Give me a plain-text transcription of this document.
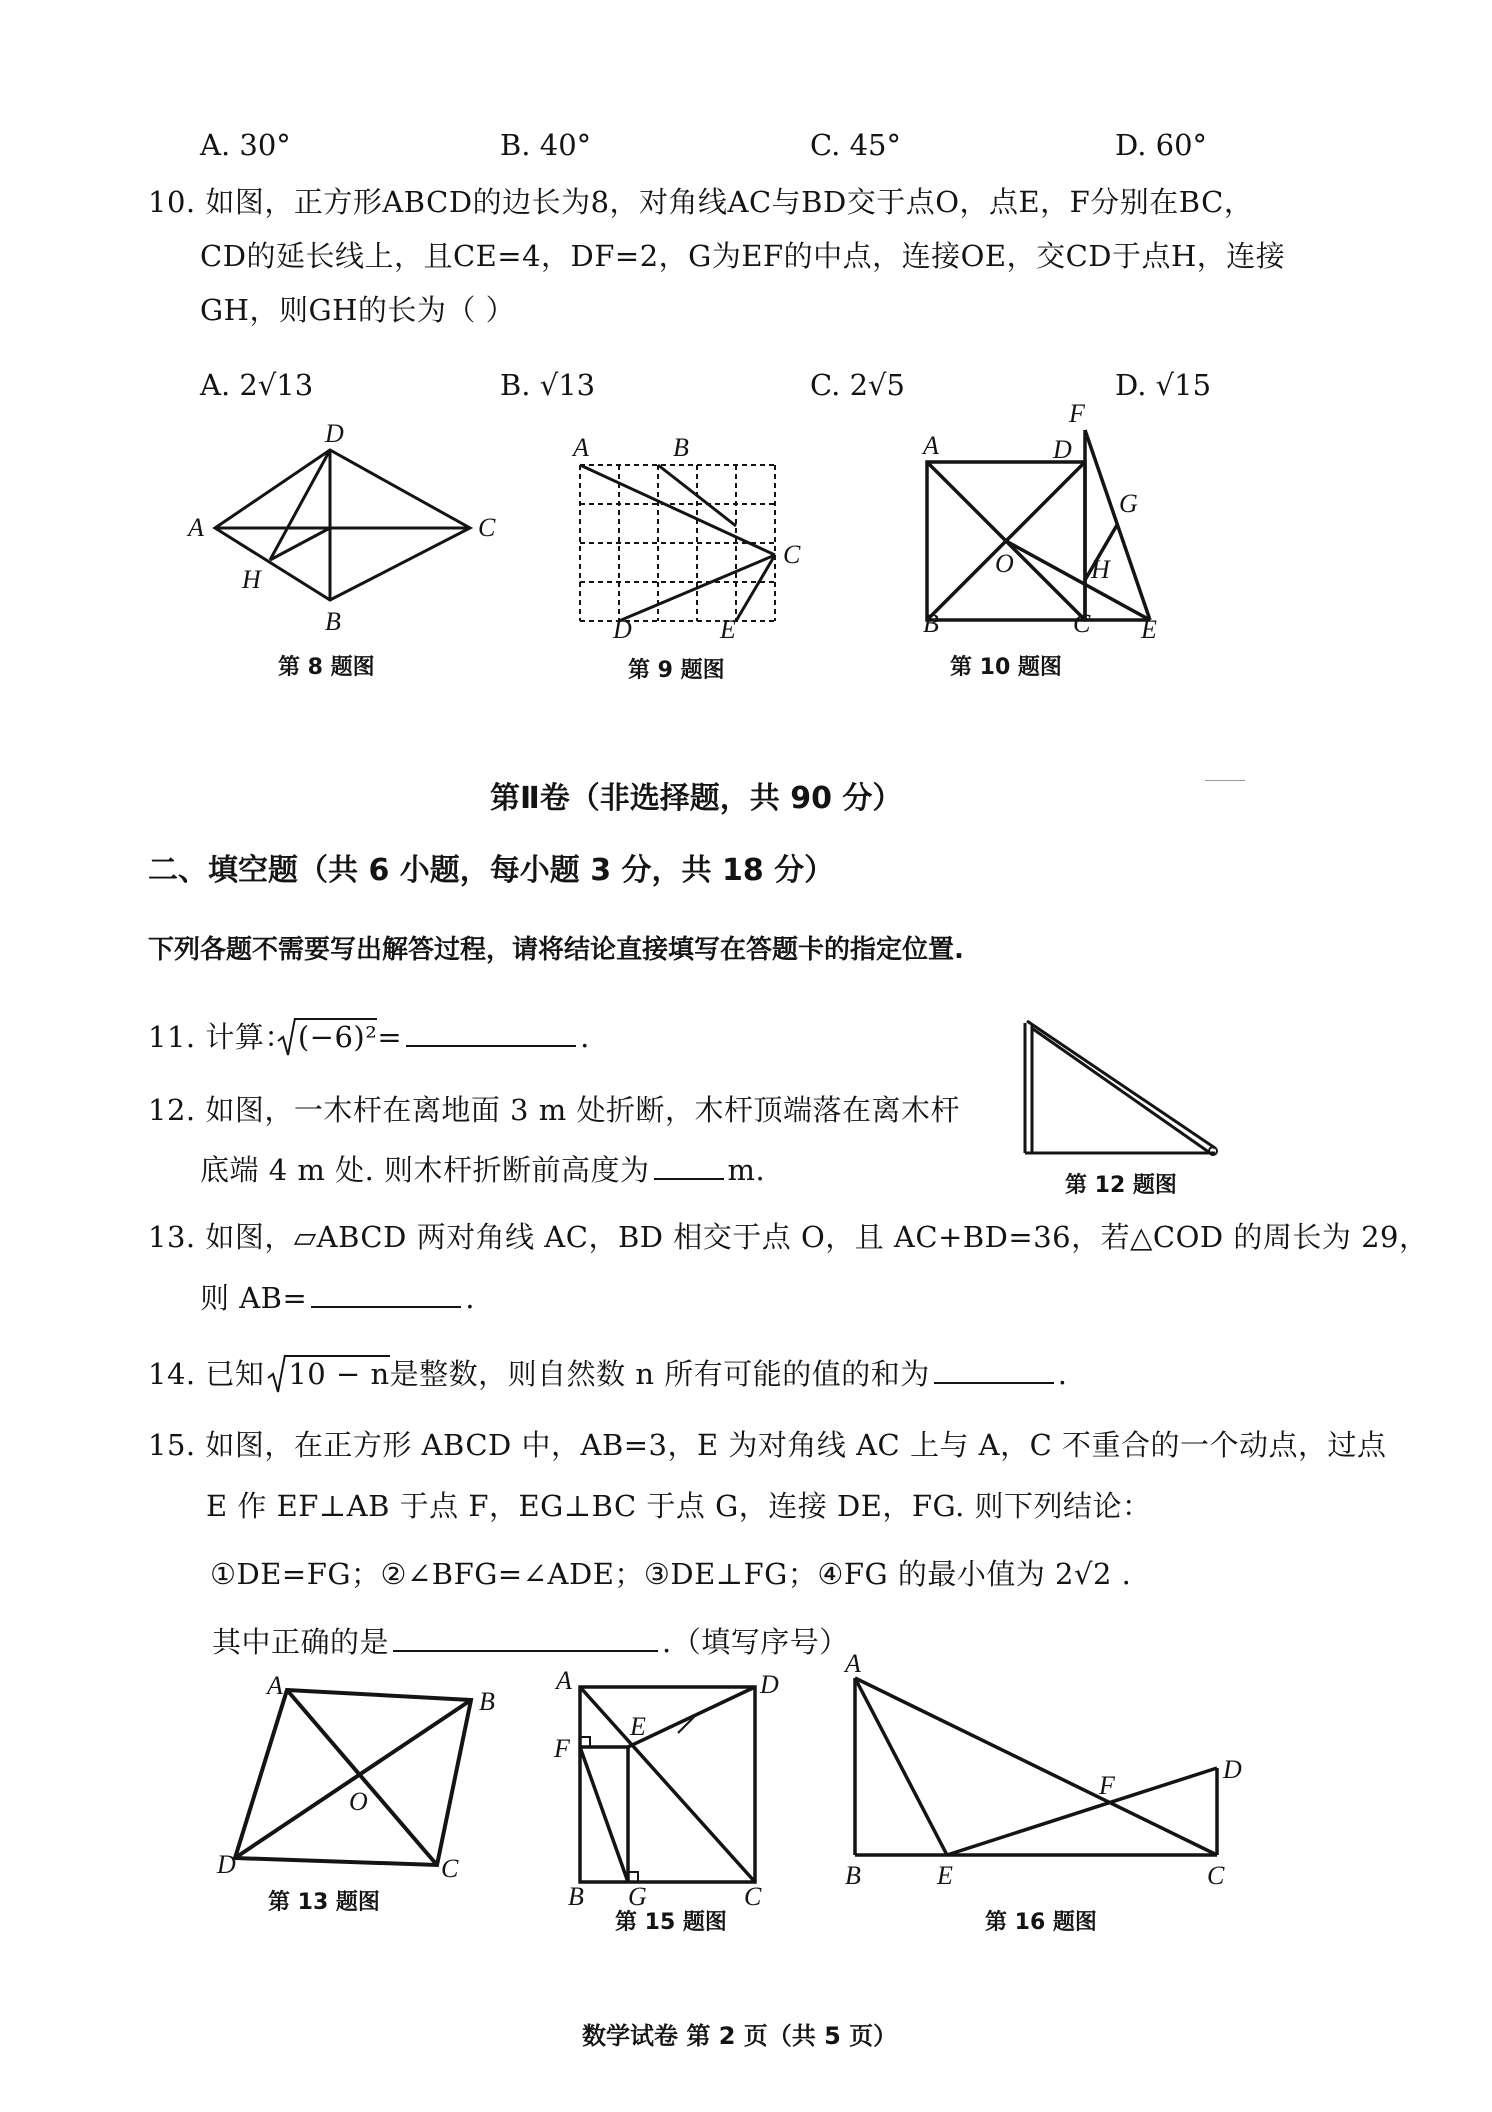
A. 30°	B. 40°	C. 45°	D. 60°
10. 如图，正方形ABCD的边长为8，对角线AC与BD交于点O，点E，F分别在BC，
CD的延长线上，且CE=4，DF=2，G为EF的中点，连接OE，交CD于点H，连接
GH，则GH的长为（ ）
A. 2√13	B. √13	C. 2√5	D. √15
D
A	C
H
B
第 8 题图
A	B
C
D	E
第 9 题图
F
A	D
G
O	H
B	C E
第 10 题图
第Ⅱ卷（非选择题，共 90 分）
二、填空题（共 6 小题，每小题 3 分，共 18 分）
下列各题不需要写出解答过程，请将结论直接填写在答题卡的指定位置.
11. 计算： (−6)²=	.
第 12 题图
12. 如图，一木杆在离地面 3 m 处折断，木杆顶端落在离木杆
底端 4 m 处. 则木杆折断前高度为	m.
13. 如图，▱ABCD 两对角线 AC，BD 相交于点 O，且 AC+BD=36，若△COD 的周长为 29，
则 AB=	.
14. 已知 10 − n是整数，则自然数 n 所有可能的值的和为	.
15. 如图，在正方形 ABCD 中，AB=3，E 为对角线 AC 上与 A，C 不重合的一个动点，过点
E 作 EF⊥AB 于点 F，EG⊥BC 于点 G，连接 DE，FG. 则下列结论：
①DE=FG；②∠BFG=∠ADE；③DE⊥FG；④FG 的最小值为 2√2 .
其中正确的是	.（填写序号）
A
B
O
D	C
第 13 题图
A	D
E
F
B G	C
第 15 题图
A
F
D
B	E	C
第 16 题图
数学试卷 第 2 页（共 5 页）
